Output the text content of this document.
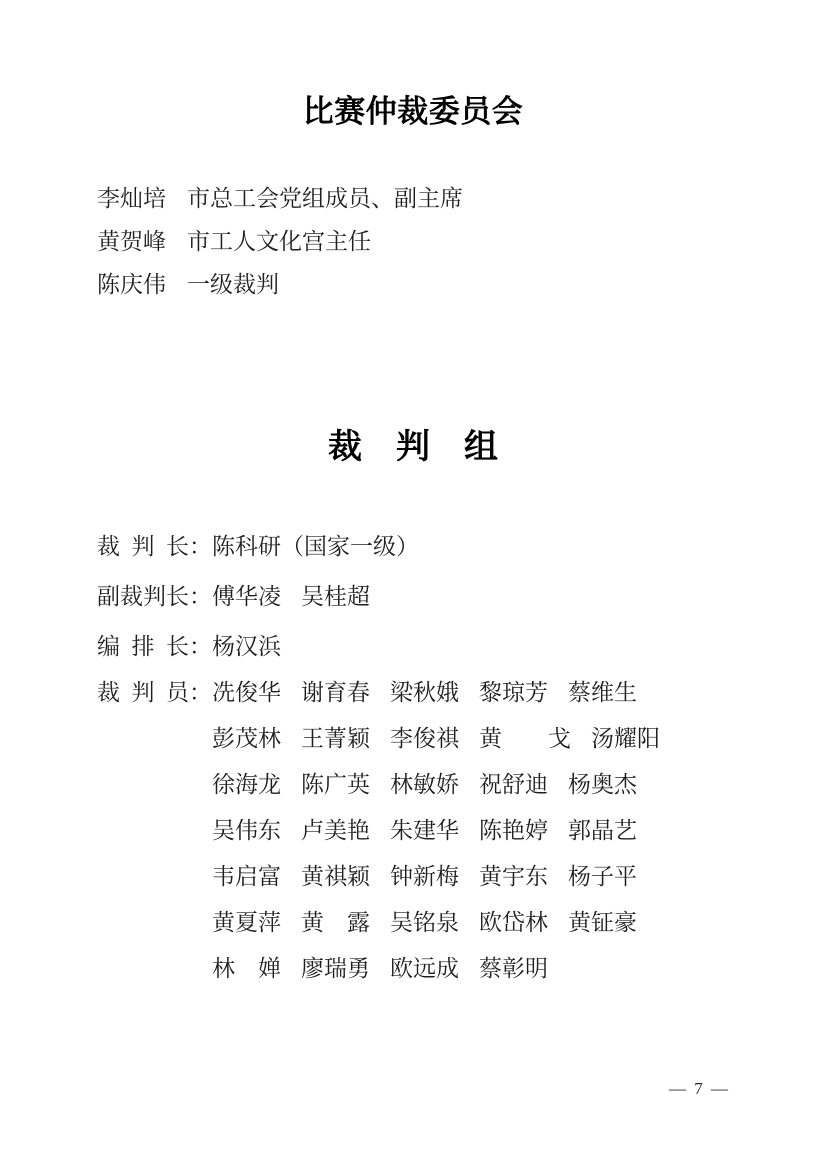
比赛仲裁委员会
李灿培 市总工会党组成员、副主席
黄贺峰 市工人文化宫主任
陈庆伟 一级裁判
裁　判　组
裁 判 长： 陈科研（国家一级）
副裁判长： 傅华凌 吴桂超
编 排 长： 杨汉浜
裁 判 员： 冼俊华 谢育春 梁秋娥 黎琼芳 蔡维生
彭茂林 王菁颖 李俊祺 黄　　戈 汤耀阳
徐海龙 陈广英 林敏娇 祝舒迪 杨奥杰
吴伟东 卢美艳 朱建华 陈艳婷 郭晶艺
韦启富 黄祺颖 钟新梅 黄宇东 杨子平
黄夏萍 黄　露 吴铭泉 欧岱林 黄钲豪
林　婵 廖瑞勇 欧远成 蔡彰明
— 7 —
